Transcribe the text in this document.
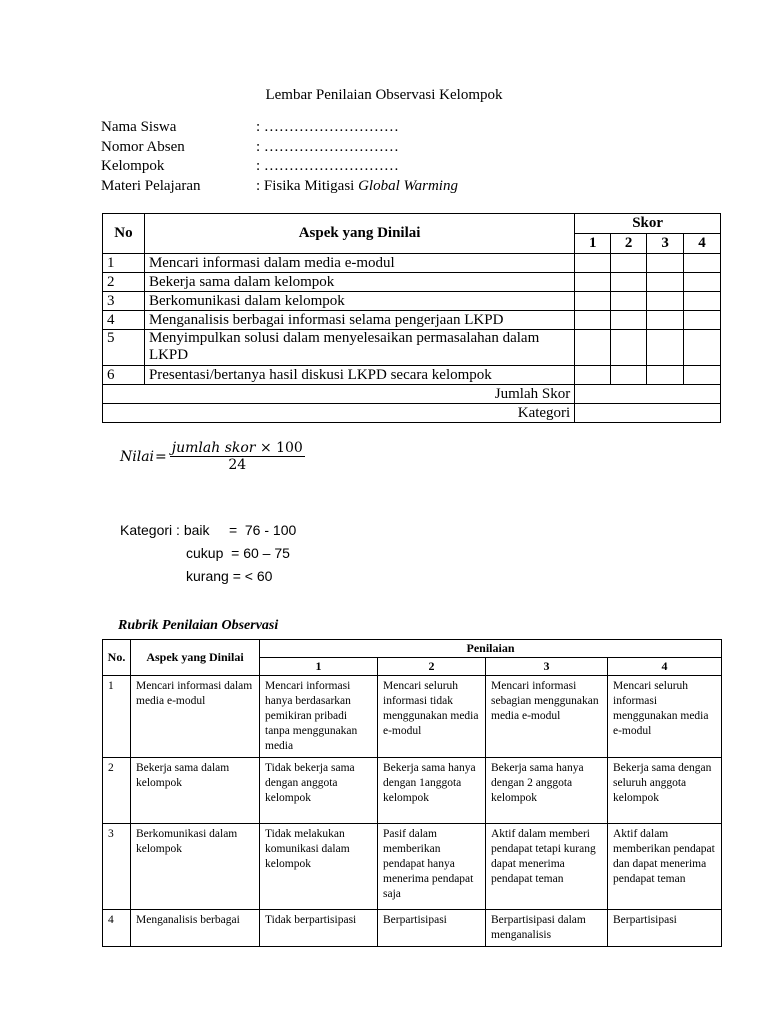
Lembar Penilaian Observasi Kelompok
Nama Siswa	: ………………………
Nomor Absen	: ………………………
Kelompok	: ………………………
Materi Pelajaran	: Fisika Mitigasi Global Warming
No	Aspek yang Dinilai	Skor			
		1	2	3	4
1	Mencari informasi dalam media e-modul				
2	Bekerja sama dalam kelompok				
3	Berkomunikasi dalam kelompok				
4	Menganalisis berbagai informasi selama pengerjaan LKPD				
5	Menyimpulkan solusi dalam menyelesaikan permasalahan dalam LKPD				
6	Presentasi/bertanya hasil diskusi LKPD secara kelompok				
Jumlah Skor					
Kategori					
Nilai = $\frac{\text{jumlah skor × 100}}{24}$
Kategori : baik     =  76 - 100
cukup  = 60 – 75
kurang = < 60
Rubrik Penilaian Observasi
No.	Aspek yang Dinilai	Penilaian			
		1	2	3	4
1	Mencari informasi dalam media e-modul	Mencari informasi hanya berdasarkan pemikiran pribadi tanpa menggunakan media	Mencari seluruh informasi tidak menggunakan media e-modul	Mencari informasi sebagian menggunakan media e-modul	Mencari seluruh informasi menggunakan media e-modul
2	Bekerja sama dalam kelompok	Tidak bekerja sama dengan anggota kelompok	Bekerja sama hanya dengan 1anggota kelompok	Bekerja sama hanya dengan 2 anggota kelompok	Bekerja sama dengan seluruh anggota kelompok
3	Berkomunikasi dalam kelompok	Tidak melakukan komunikasi dalam kelompok	Pasif dalam memberikan pendapat hanya menerima pendapat saja	Aktif dalam memberi pendapat tetapi kurang dapat menerima pendapat teman	Aktif dalam memberikan pendapat dan dapat menerima pendapat teman
4	Menganalisis berbagai	Tidak berpartisipasi	Berpartisipasi	Berpartisipasi dalam menganalisis	Berpartisipasi
